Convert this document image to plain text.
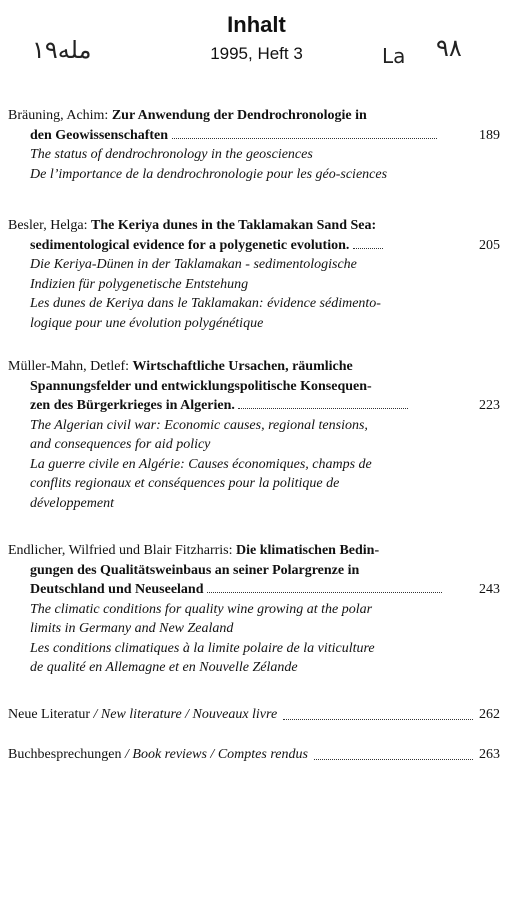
Inhalt
1995, Heft 3
ﻣﻠﻪ۱۹	La ۹۸
Bräuning, Achim: Zur Anwendung der Dendrochronologie in
den Geowissenschaften	189
The status of dendrochronology in the geosciences
De l’importance de la dendrochronologie pour les géo-sciences
Besler, Helga: The Keriya dunes in the Taklamakan Sand Sea:
sedimentological evidence for a polygenetic evolution.	205
Die Keriya-Dünen in der Taklamakan - sedimentologische
Indizien für polygenetische Entstehung
Les dunes de Keriya dans le Taklamakan: évidence sédimento-
logique pour une évolution polygénétique
Müller-Mahn, Detlef: Wirtschaftliche Ursachen, räumliche
Spannungsfelder und entwicklungspolitische Konsequen-
zen des Bürgerkrieges in Algerien.	223
The Algerian civil war: Economic causes, regional tensions,
and consequences for aid policy
La guerre civile en Algérie: Causes économiques, champs de
conflits regionaux et conséquences pour la politique de
développement
Endlicher, Wilfried und Blair Fitzharris: Die klimatischen Bedin-
gungen des Qualitätsweinbaus an seiner Polargrenze in
Deutschland und Neuseeland	243
The climatic conditions for quality wine growing at the polar
limits in Germany and New Zealand
Les conditions climatiques à la limite polaire de la viticulture
de qualité en Allemagne et en Nouvelle Zélande
Neue Literatur / New literature / Nouveaux livre	262
Buchbesprechungen / Book reviews / Comptes rendus	263
